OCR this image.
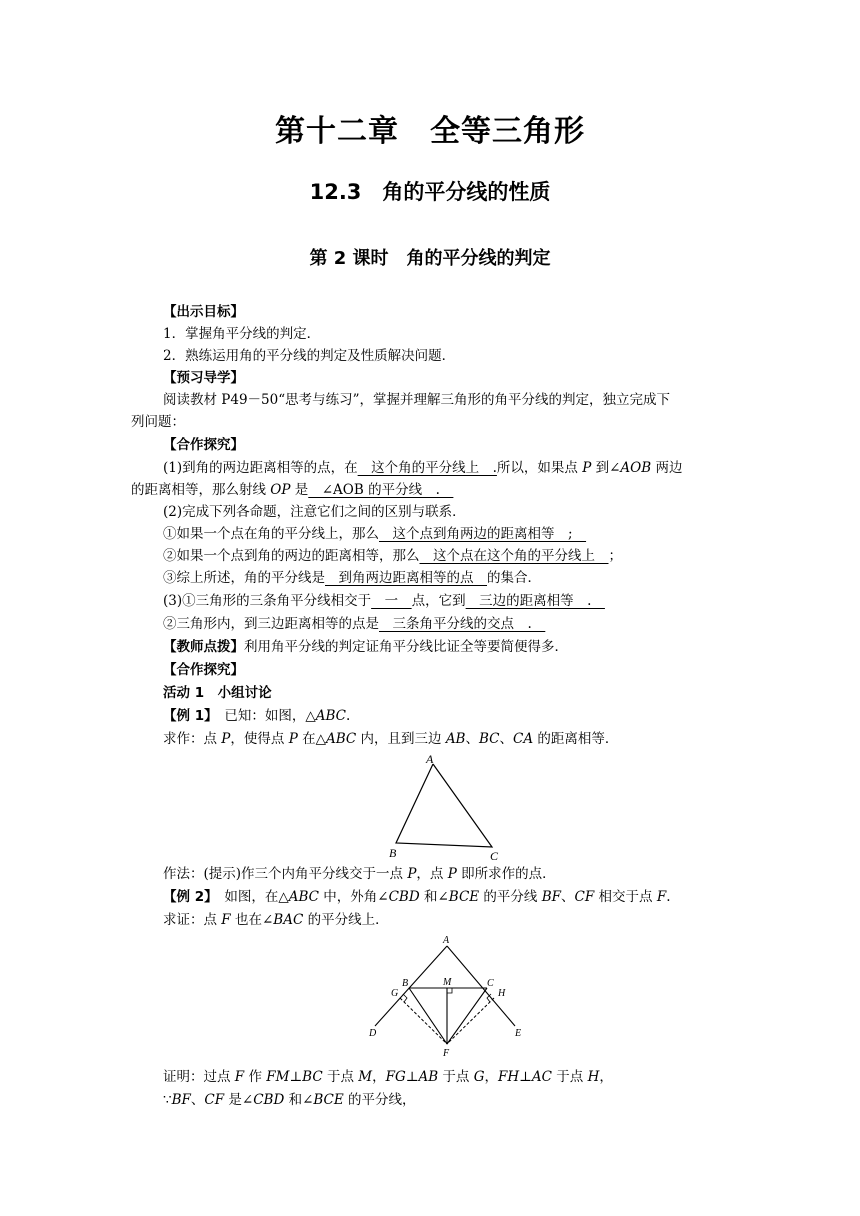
第十二章　全等三角形
12.3　角的平分线的性质
第 2 课时　角的平分线的判定
【出示目标】
1．掌握角平分线的判定．
2．熟练运用角的平分线的判定及性质解决问题．
【预习导学】
阅读教材 P49－50“思考与练习”，掌握并理解三角形的角平分线的判定，独立完成下
列问题：
【合作探究】
(1)到角的两边距离相等的点，在　这个角的平分线上　.所以，如果点 P 到∠AOB 两边
的距离相等，那么射线 OP 是　∠AOB 的平分线　.　
(2)完成下列各命题，注意它们之间的区别与联系．
①如果一个点在角的平分线上，那么　这个点到角两边的距离相等　;　
②如果一个点到角的两边的距离相等，那么　这个点在这个角的平分线上　；
③综上所述，角的平分线是　到角两边距离相等的点　的集合．
(3)①三角形的三条角平分线相交于　一　点，它到　三边的距离相等　.　
②三角形内，到三边距离相等的点是　三条角平分线的交点　.　
【教师点拨】利用角平分线的判定证角平分线比证全等要简便得多．
【合作探究】
活动 1　小组讨论
【例 1】　已知：如图，△ABC.
求作：点 P，使得点 P 在△ABC 内，且到三边 AB、BC、CA 的距离相等．
A
B	C
作法：(提示)作三个内角平分线交于一点 P，点 P 即所求作的点．
【例 2】　如图，在△ABC 中，外角∠CBD 和∠BCE 的平分线 BF、CF 相交于点 F.
求证：点 F 也在∠BAC 的平分线上．
A
B	M	C
G	H
D	E
F
证明：过点 F 作 FM⊥BC 于点 M，FG⊥AB 于点 G，FH⊥AC 于点 H，
∵BF、CF 是∠CBD 和∠BCE 的平分线，
